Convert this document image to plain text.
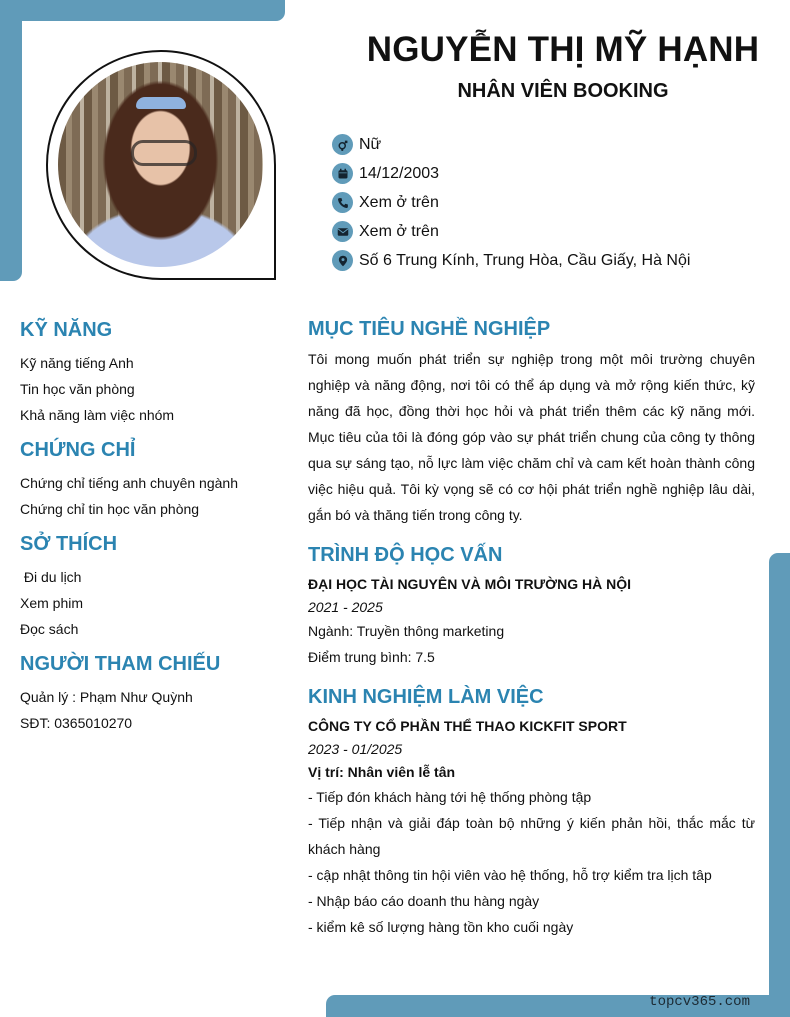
topcv365.com
NGUYỄN THỊ MỸ HẠNH
NHÂN VIÊN BOOKING
Nữ
14/12/2003
Xem ở trên
Xem ở trên
Số 6 Trung Kính, Trung Hòa, Cầu Giấy, Hà Nội
KỸ NĂNG
Kỹ năng tiếng Anh
Tin học văn phòng
Khả năng làm việc nhóm
CHỨNG CHỈ
Chứng chỉ tiếng anh chuyên ngành
Chứng chỉ tin học văn phòng
SỞ THÍCH
Đi du lịch
Xem phim
Đọc sách
NGƯỜI THAM CHIẾU
Quản lý : Phạm Như Quỳnh
SĐT: 0365010270
MỤC TIÊU NGHỀ NGHIỆP
Tôi mong muốn phát triển sự nghiệp trong một môi trường chuyên nghiệp và năng động, nơi tôi có thể áp dụng và mở rộng kiến thức, kỹ năng đã học, đồng thời học hỏi và phát triển thêm các kỹ năng mới. Mục tiêu của tôi là đóng góp vào sự phát triển chung của công ty thông qua sự sáng tạo, nỗ lực làm việc chăm chỉ và cam kết hoàn thành công việc hiệu quả. Tôi kỳ vọng sẽ có cơ hội phát triển nghề nghiệp lâu dài, gắn bó và thăng tiến trong công ty.
TRÌNH ĐỘ HỌC VẤN
ĐẠI HỌC TÀI NGUYÊN VÀ MÔI TRƯỜNG HÀ NỘI
2021 - 2025
Ngành: Truyền thông marketing
Điểm trung bình: 7.5
KINH NGHIỆM LÀM VIỆC
CÔNG TY CỔ PHẦN THỂ THAO KICKFIT SPORT
2023 - 01/2025
Vị trí: Nhân viên lễ tân
- Tiếp đón khách hàng tới hệ thống phòng tập
- Tiếp nhận và giải đáp toàn bộ những ý kiến phản hồi, thắc mắc từ khách hàng
- cập nhật thông tin hội viên vào hệ thống, hỗ trợ kiểm tra lịch tâp
- Nhập báo cáo doanh thu hàng ngày
- kiểm kê số lượng hàng tồn kho cuối ngày
